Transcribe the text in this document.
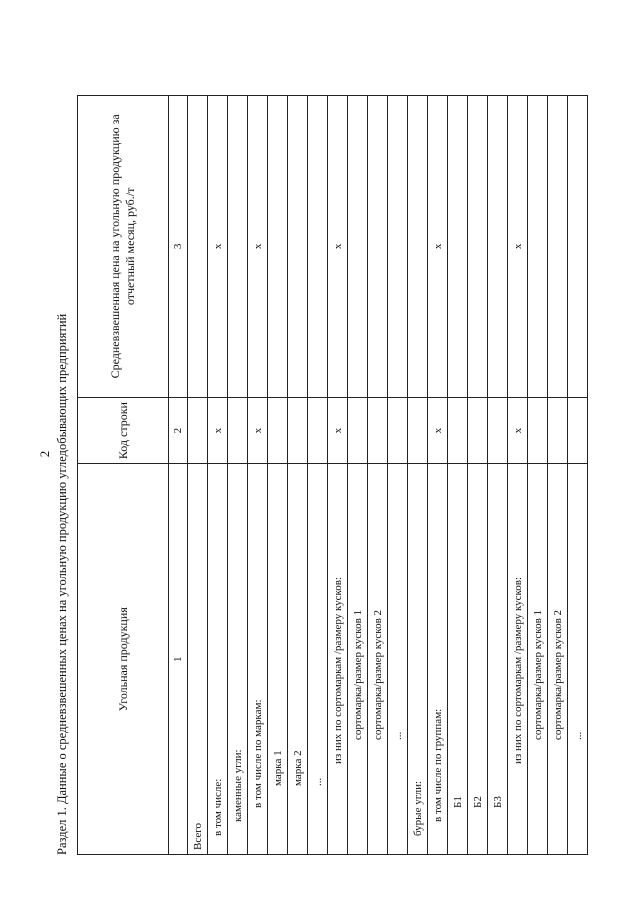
2 Раздел 1. Данные о средневзвешенных ценах на угольную продукцию угледобывающих предприятий	Угольная продукция	Код строки	Средневзвешенная цена на угольную продукцию за отчетный месяц, руб./т
1	2	3
Всего		
в том числе:	х	х
каменные угли:		
в том числе по маркам:	х	х
марка 1		
марка 2		
...		
из них по сортомаркам /размеру кусков:	х	х
сортомарка/размер кусков 1		
сортомарка/размер кусков 2		
...		
бурые угли:		
в том числе по группам:	х	х
Б1		
Б2		
Б3		
из них по сортомаркам /размеру кусков:	х	х
сортомарка/размер кусков 1		
сортомарка/размер кусков 2		
...		
